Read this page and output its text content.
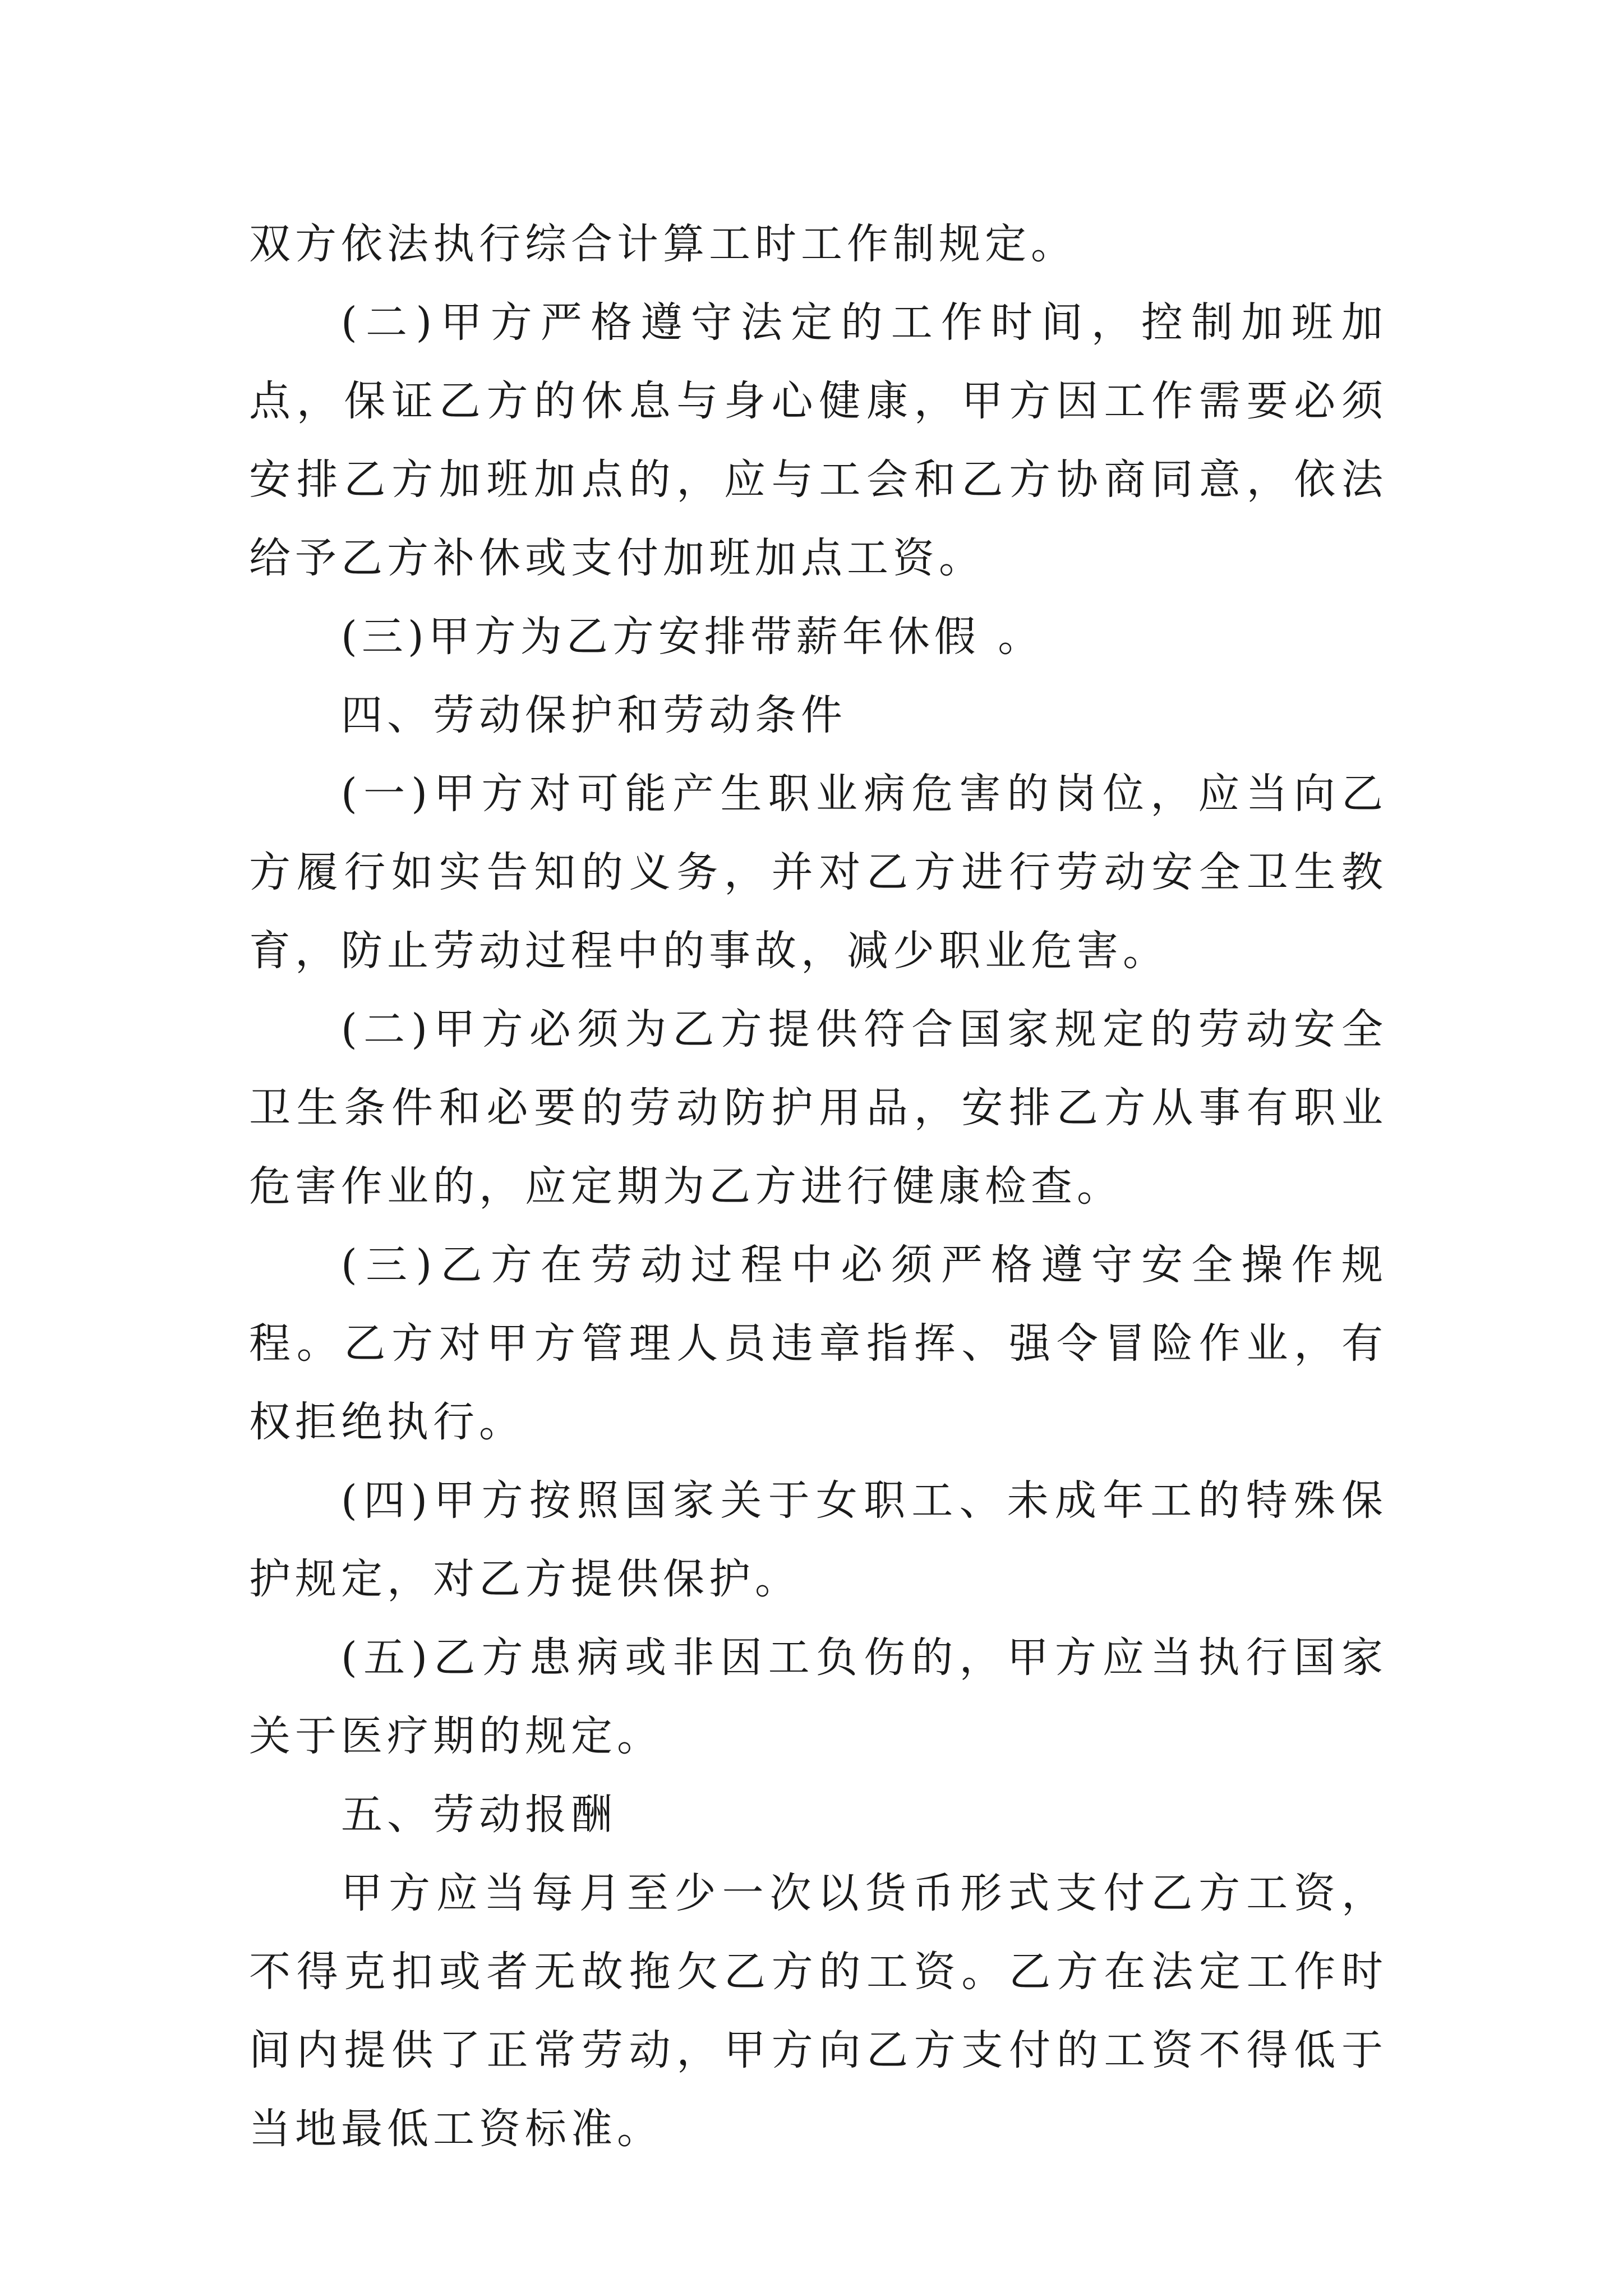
双方依法执行综合计算工时工作制规定。

(二)甲方严格遵守法定的工作时间，控制加班加点，保证乙方的休息与身心健康，甲方因工作需要必须安排乙方加班加点的，应与工会和乙方协商同意，依法给予乙方补休或支付加班加点工资。

(三)甲方为乙方安排带薪年休假 。

四、劳动保护和劳动条件

(一)甲方对可能产生职业病危害的岗位，应当向乙方履行如实告知的义务，并对乙方进行劳动安全卫生教育，防止劳动过程中的事故，减少职业危害。

(二)甲方必须为乙方提供符合国家规定的劳动安全卫生条件和必要的劳动防护用品，安排乙方从事有职业危害作业的，应定期为乙方进行健康检查。

(三)乙方在劳动过程中必须严格遵守安全操作规程。乙方对甲方管理人员违章指挥、强令冒险作业，有权拒绝执行。

(四)甲方按照国家关于女职工、未成年工的特殊保护规定，对乙方提供保护。

(五)乙方患病或非因工负伤的，甲方应当执行国家关于医疗期的规定。

五、劳动报酬

甲方应当每月至少一次以货币形式支付乙方工资，不得克扣或者无故拖欠乙方的工资。乙方在法定工作时间内提供了正常劳动，甲方向乙方支付的工资不得低于当地最低工资标准。
